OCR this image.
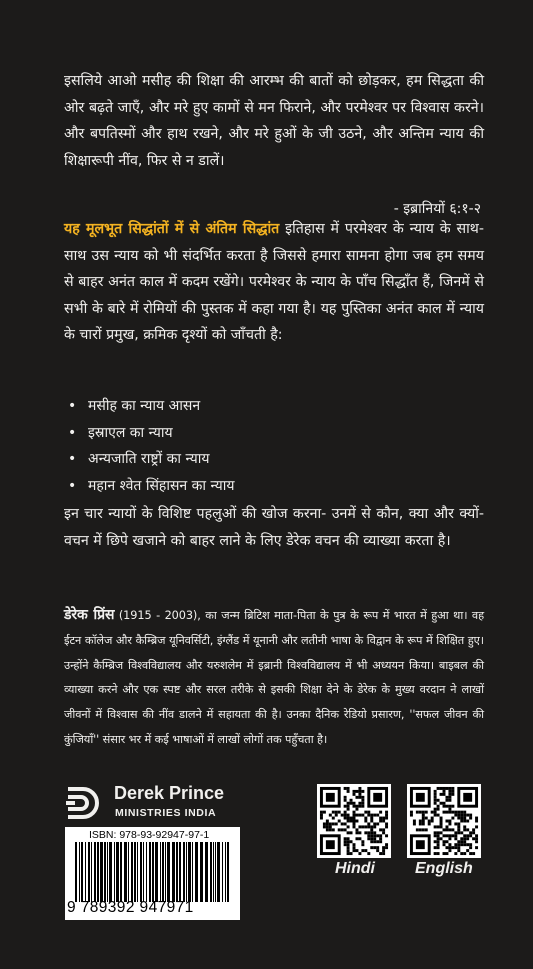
इसलिये आओ मसीह की शिक्षा की आरम्भ की बातों को छोड़कर, हम सिद्धता की ओर बढ़ते जाएँ, और मरे हुए कामों से मन फिराने, और परमेश्वर पर विश्वास करने। और बपतिस्मों और हाथ रखने, और मरे हुओं के जी उठने, और अन्तिम न्याय की शिक्षारूपी नींव, फिर से न डालें।
- इब्रानियों ६:१-२
यह मूलभूत सिद्धांतों में से अंतिम सिद्धांत इतिहास में परमेश्वर के न्याय के साथ-साथ उस न्याय को भी संदर्भित करता है जिससे हमारा सामना होगा जब हम समय से बाहर अनंत काल में कदम रखेंगे। परमेश्वर के न्याय के पाँच सिद्धाँत हैं, जिनमें से सभी के बारे में रोमियों की पुस्तक में कहा गया है। यह पुस्तिका अनंत काल में न्याय के चारों प्रमुख, क्रमिक दृश्यों को जाँचती है:
• मसीह का न्याय आसन
• इस्राएल का न्याय
• अन्यजाति राष्ट्रों का न्याय
• महान श्वेत सिंहासन का न्याय
इन चार न्यायों के विशिष्ट पहलुओं की खोज करना- उनमें से कौन, क्या और क्यों-वचन में छिपे खजाने को बाहर लाने के लिए डेरेक वचन की व्याख्या करता है।
डेरेक प्रिंस (1915 - 2003), का जन्म ब्रिटिश माता-पिता के पुत्र के रूप में भारत में हुआ था। वह ईटन कॉलेज और कैम्ब्रिज यूनिवर्सिटी, इंग्लैंड में यूनानी और लतीनी भाषा के विद्वान के रूप में शिक्षित हुए। उन्होंने कैम्ब्रिज विश्वविद्यालय और यरुशलेम में इब्रानी विश्वविद्यालय में भी अध्ययन किया। बाइबल की व्याख्या करने और एक स्पष्ट और सरल तरीके से इसकी शिक्षा देने के डेरेक के मुख्य वरदान ने लाखों जीवनों में विश्वास की नींव डालने में सहायता की है। उनका दैनिक रेडियो प्रसारण, ''सफल जीवन की कुंजियाँ'' संसार भर में कई भाषाओं में लाखों लोगों तक पहुँचता है।
Derek Prince
MINISTRIES INDIA
ISBN: 978-93-92947-97-1
9 789392 947971
Hindi	English
